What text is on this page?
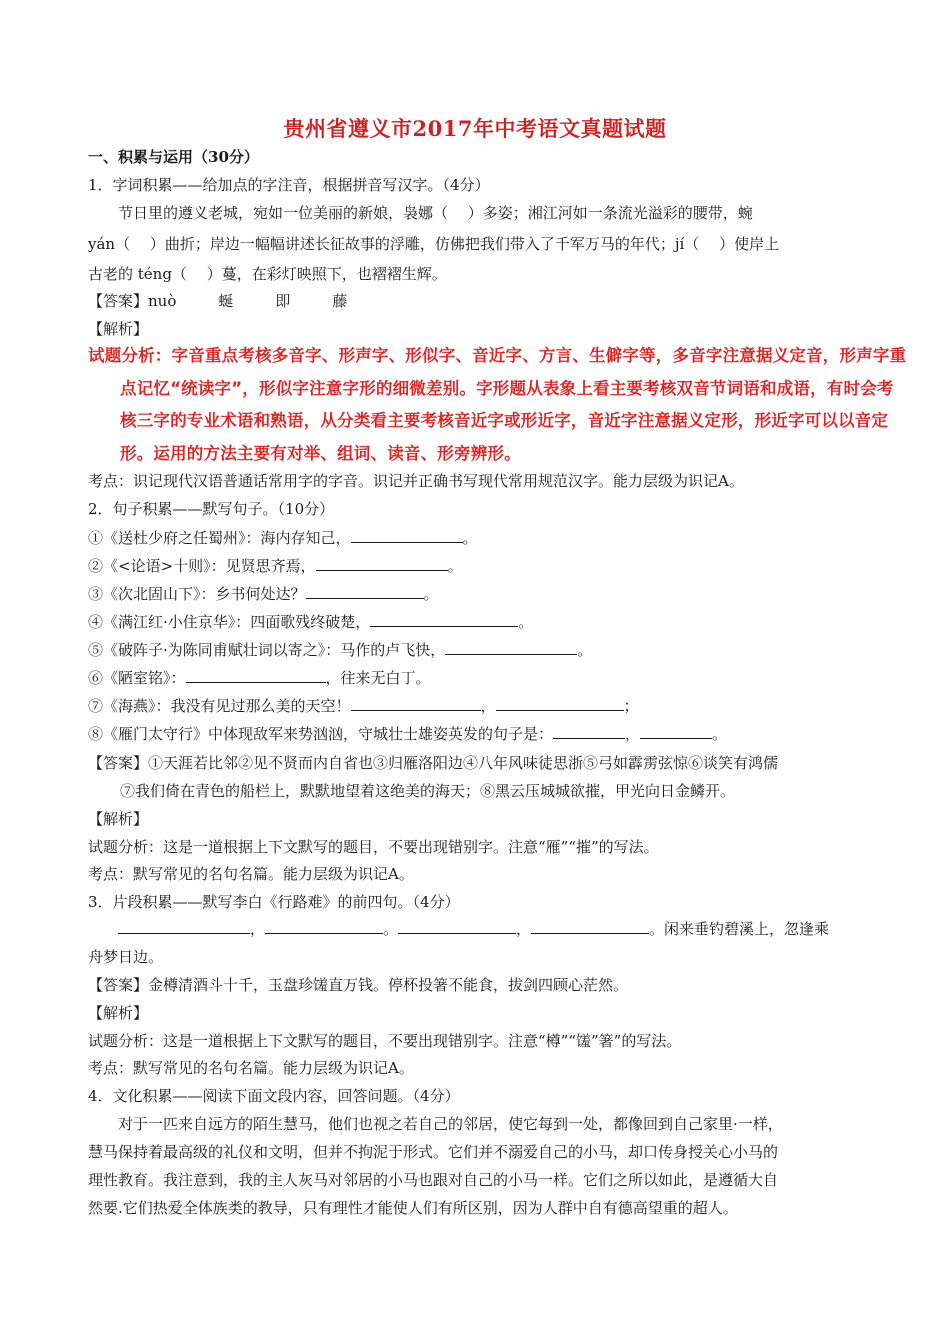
贵州省遵义市2017年中考语文真题试题
一、积累与运用（30分）
1．字词积累——给加点的字注音，根据拼音写汉字。（4分）
节日里的遵义老城，宛如一位美丽的新娘，袅娜（　 ）多姿；湘江河如一条流光溢彩的腰带，蜿
yán（　 ）曲折；岸边一幅幅讲述长征故事的浮雕，仿佛把我们带入了千军万马的年代；jí（　 ）使岸上
古老的 téng（　 ）蔓，在彩灯映照下，也褶褶生辉。
【答案】nuò	蜒	即	藤
【解析】
试题分析：字音重点考核多音字、形声字、形似字、音近字、方言、生僻字等，多音字注意据义定音，形声字重点记忆“统读字”，形似字注意字形的细微差别。字形题从表象上看主要考核双音节词语和成语，有时会考核三字的专业术语和熟语，从分类看主要考核音近字或形近字，音近字注意据义定形，形近字可以以音定形。运用的方法主要有对举、组词、读音、形旁辨形。
考点：识记现代汉语普通话常用字的字音。识记并正确书写现代常用规范汉字。能力层级为识记A。
2．句子积累——默写句子。（10分）
①《送杜少府之任蜀州》：海内存知己，	。
②《<论语>十则》：见贤思齐焉，	。
③《次北固山下》：乡书何处达？	。
④《满江红·小住京华》：四面歌残终破楚，	。
⑤《破阵子·为陈同甫赋壮词以寄之》：马作的卢飞快，	。
⑥《陋室铭》：	，往来无白丁。
⑦《海燕》：我没有见过那么美的天空！	，	；
⑧《雁门太守行》中体现敌军来势汹汹，守城壮士雄姿英发的句子是：	，	。
【答案】①天涯若比邻②见不贤而内自省也③归雁洛阳边④八年风味徒思浙⑤弓如霹雳弦惊⑥谈笑有鸿儒
⑦我们倚在青色的船栏上，默默地望着这绝美的海天；⑧黑云压城城欲摧，甲光向日金鳞开。
【解析】
试题分析：这是一道根据上下文默写的题目，不要出现错别字。注意“雁”“摧”的写法。
考点：默写常见的名句名篇。能力层级为识记A。
3．片段积累——默写李白《行路难》的前四句。（4分）
，	。	，	。闲来垂钓碧溪上，忽逢乘
舟梦日边。
【答案】金樽清酒斗十千，玉盘珍馐直万钱。停杯投箸不能食，拔剑四顾心茫然。
【解析】
试题分析：这是一道根据上下文默写的题目，不要出现错别字。注意“樽”“馐”箸”的写法。
考点：默写常见的名句名篇。能力层级为识记A。
4．文化积累——阅读下面文段内容，回答问题。（4分）
对于一匹来自远方的陌生慧马，他们也视之若自己的邻居，使它每到一处，都像回到自己家里·一样，
慧马保持着最高级的礼仪和文明，但并不拘泥于形式。它们并不溺爱自己的小马，却口传身授关心小马的
理性教育。我注意到，我的主人灰马对邻居的小马也跟对自己的小马一样。它们之所以如此，是遵循大自
然要.它们热爱全体族类的教导，只有理性才能使人们有所区别，因为人群中自有德高望重的超人。
